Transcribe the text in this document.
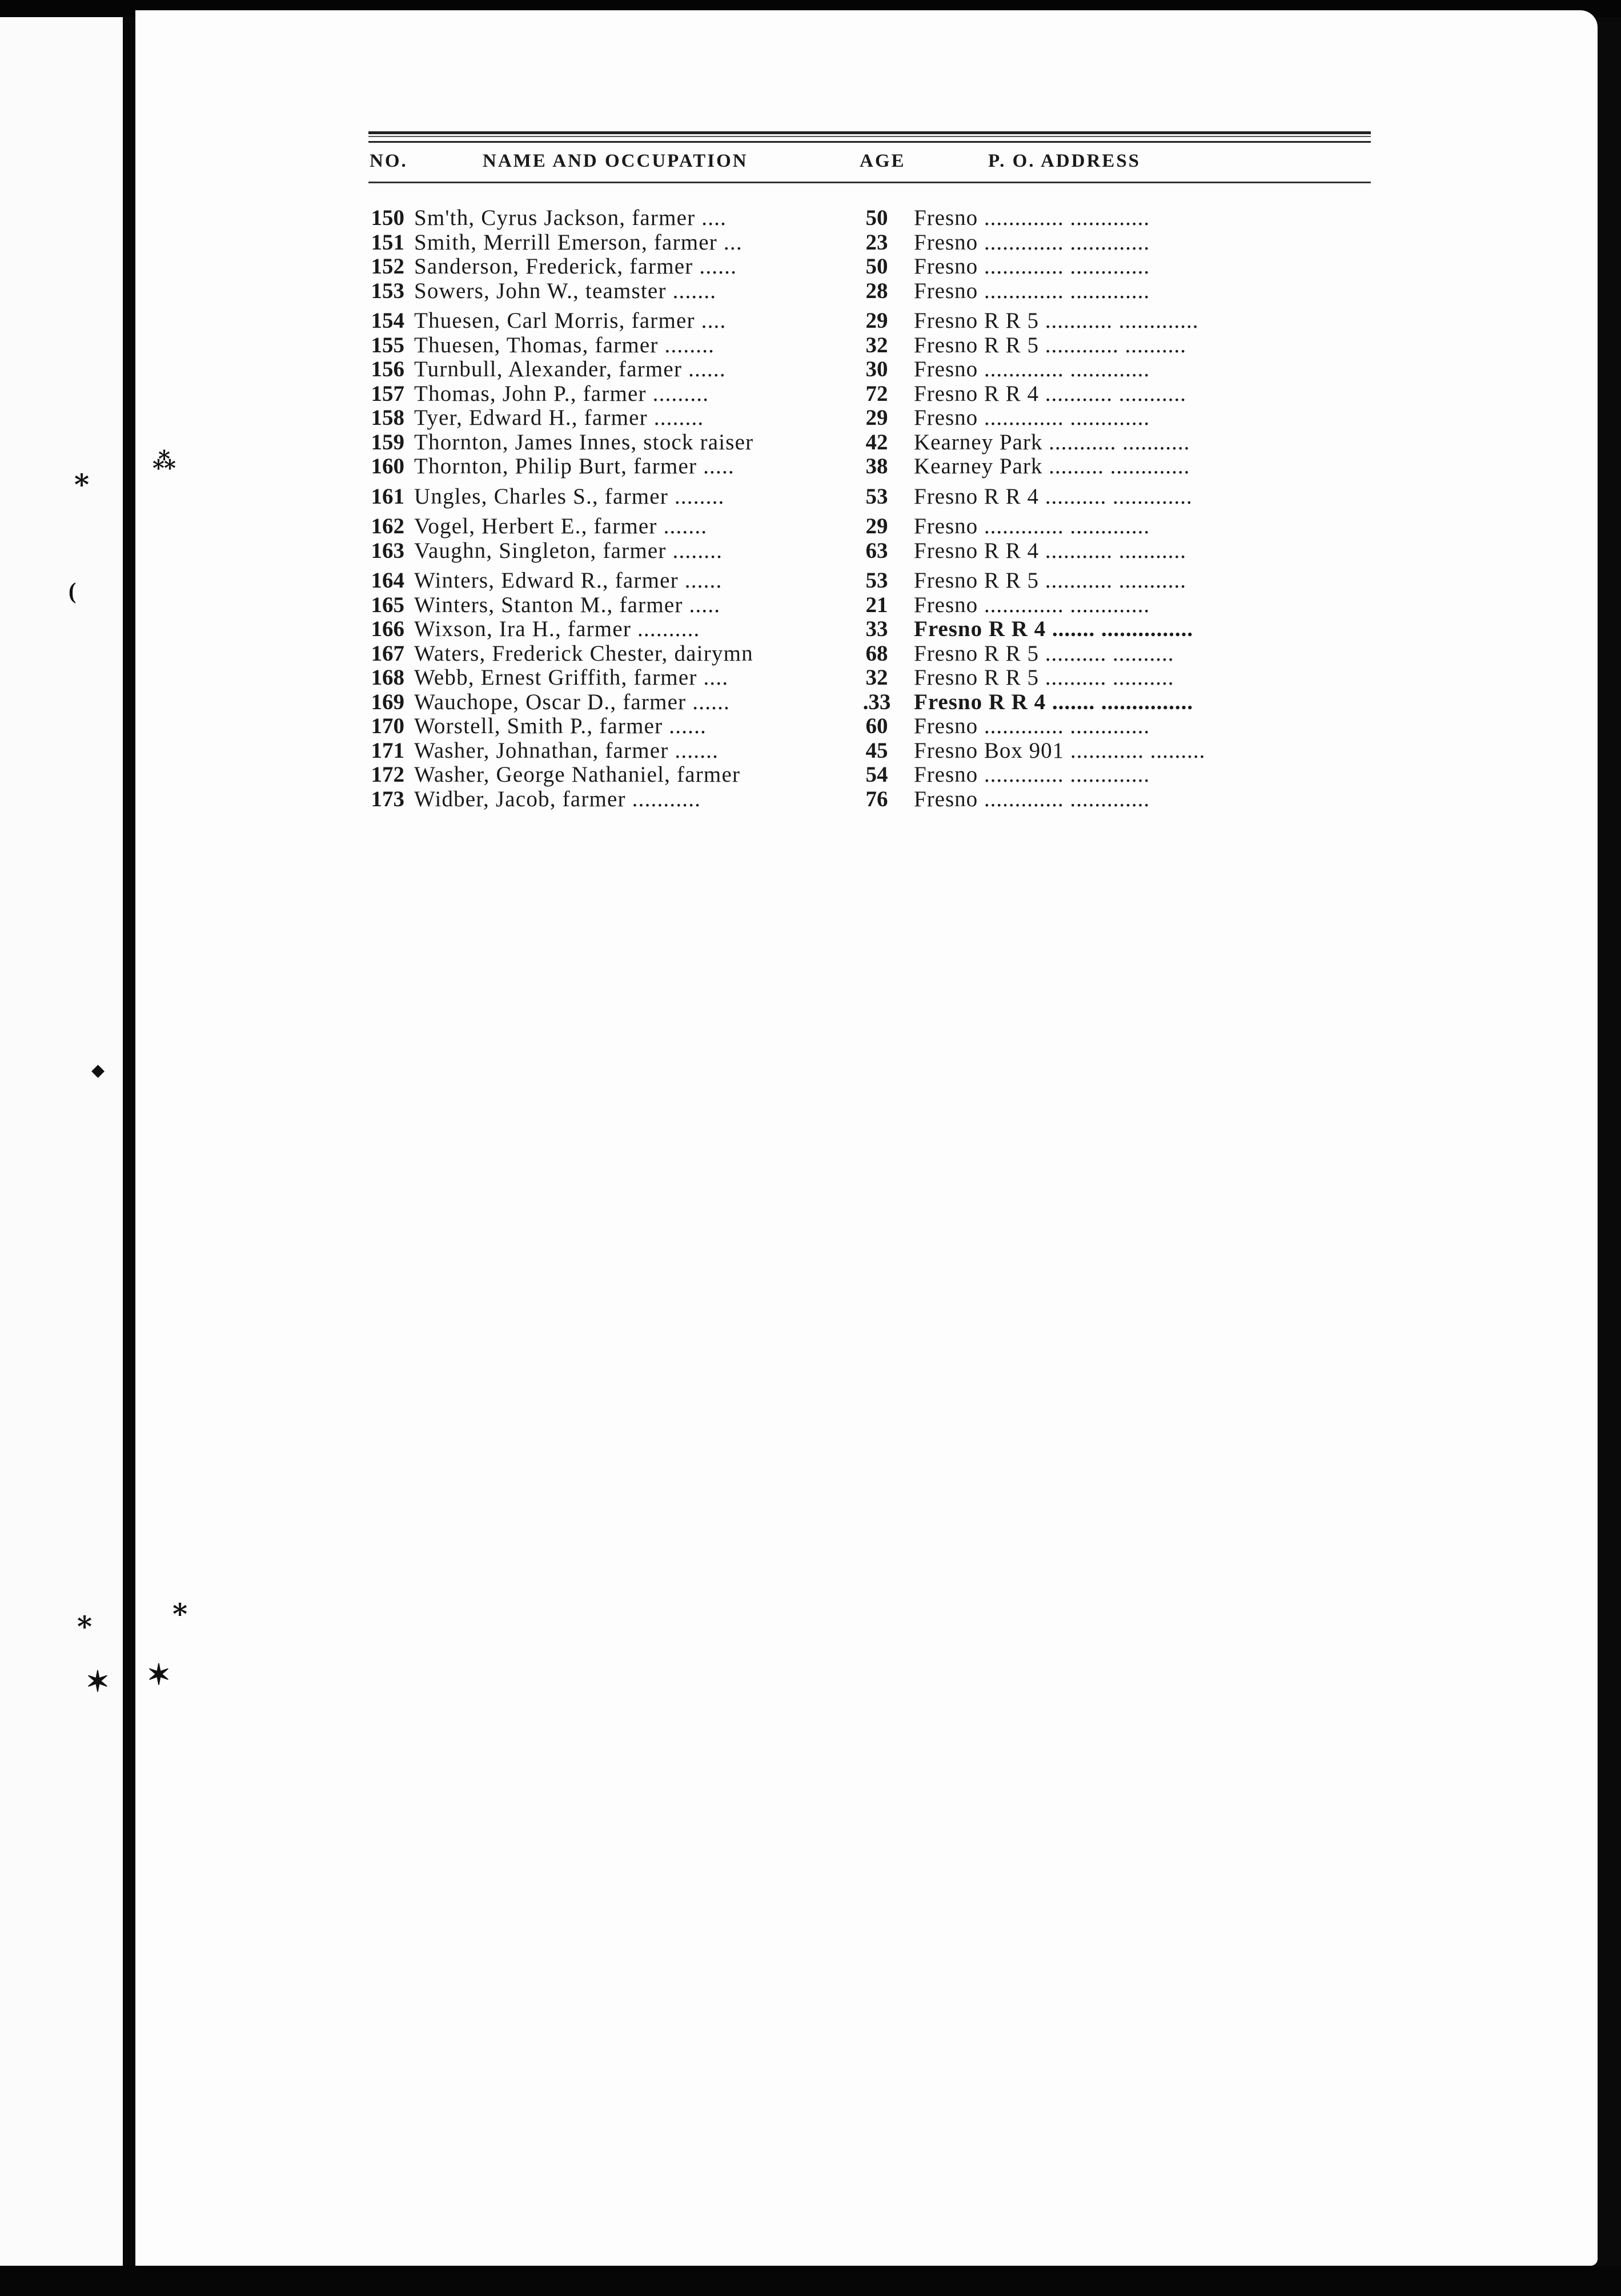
⁎
(
◆
⁎
✶
⁂
⁎
✶
NO.	NAME AND OCCUPATION	AGE	P. O. ADDRESS
150 Sm'th, Cyrus Jackson, farmer ....	50	Fresno ............. .............
151 Smith, Merrill Emerson, farmer ...	23	Fresno ............. .............
152 Sanderson, Frederick, farmer ......	50	Fresno ............. .............
153 Sowers, John W., teamster .......	28	Fresno ............. .............
154 Thuesen, Carl Morris, farmer ....	29	Fresno R R 5 ........... .............
155 Thuesen, Thomas, farmer ........	32	Fresno R R 5 ............ ..........
156 Turnbull, Alexander, farmer ......	30	Fresno ............. .............
157 Thomas, John P., farmer .........	72	Fresno R R 4 ........... ...........
158 Tyer, Edward H., farmer ........	29	Fresno ............. .............
159 Thornton, James Innes, stock raiser	42	Kearney Park ........... ...........
160 Thornton, Philip Burt, farmer .....	38	Kearney Park ......... .............
161 Ungles, Charles S., farmer ........	53	Fresno R R 4 .......... .............
162 Vogel, Herbert E., farmer .......	29	Fresno ............. .............
163 Vaughn, Singleton, farmer ........	63	Fresno R R 4 ........... ...........
164 Winters, Edward R., farmer ......	53	Fresno R R 5 ........... ...........
165 Winters, Stanton M., farmer .....	21	Fresno ............. .............
166 Wixson, Ira H., farmer ..........	33	Fresno R R 4 ....... ...............
167 Waters, Frederick Chester, dairymn	68	Fresno R R 5 .......... ..........
168 Webb, Ernest Griffith, farmer ....	32	Fresno R R 5 .......... ..........
169 Wauchope, Oscar D., farmer ......	.33	Fresno R R 4 ....... ...............
170 Worstell, Smith P., farmer ......	60	Fresno ............. .............
171 Washer, Johnathan, farmer .......	45	Fresno Box 901 ............ .........
172 Washer, George Nathaniel, farmer	54	Fresno ............. .............
173 Widber, Jacob, farmer ...........	76	Fresno ............. .............
